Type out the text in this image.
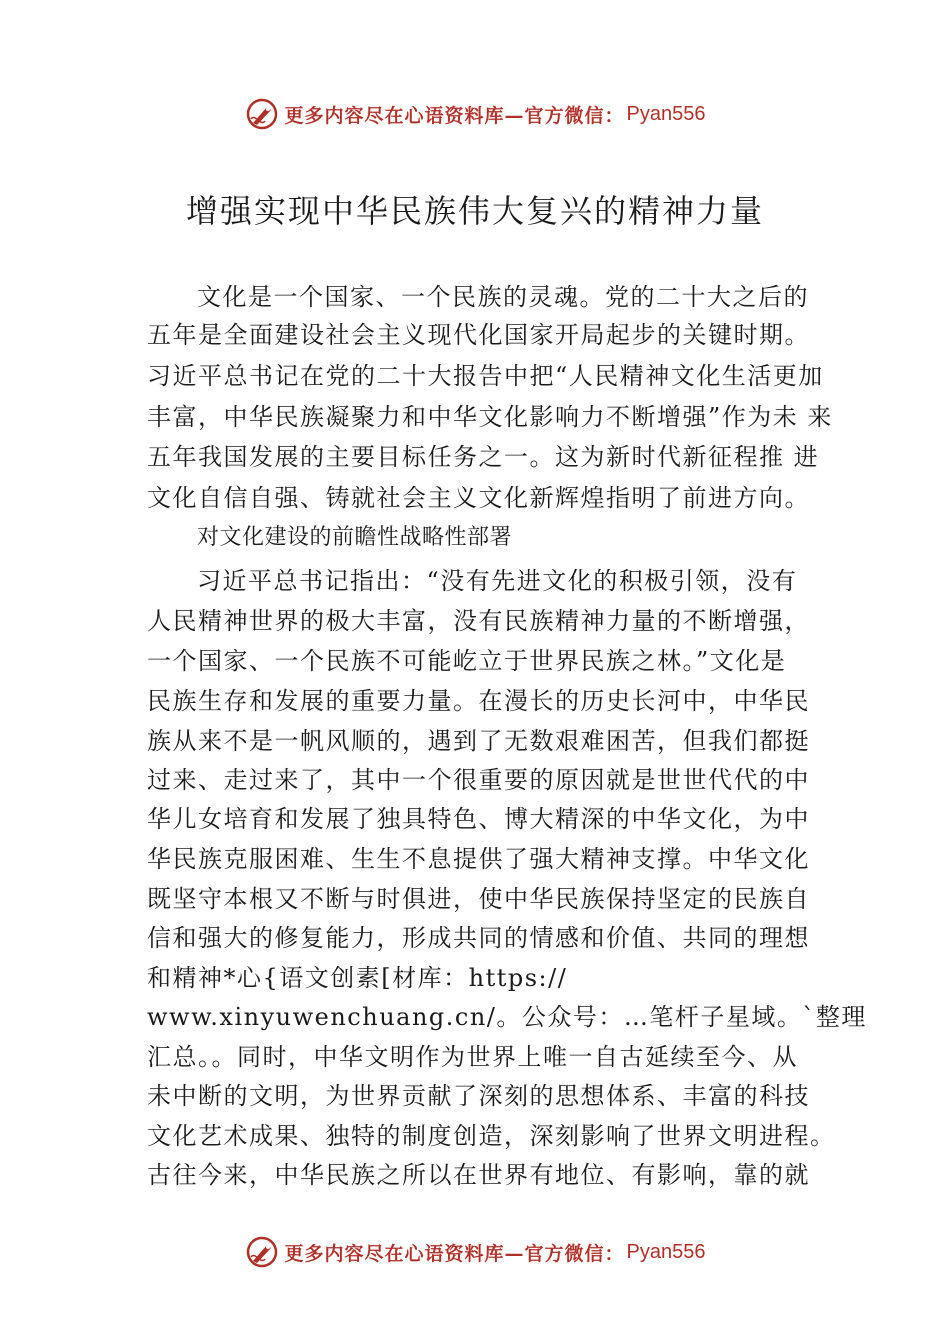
更多内容尽在心语资料库—官方微信： Pyan556
增强实现中华民族伟大复兴的精神力量
文化是一个国家、一个民族的灵魂。党的二十大之后的
五年是全面建设社会主义现代化国家开局起步的关键时期。
习近平总书记在党的二十大报告中把“人民精神文化生活更加
丰富，中华民族凝聚力和中华文化影响力不断增强”作为未 来
五年我国发展的主要目标任务之一。这为新时代新征程推 进
文化自信自强、铸就社会主义文化新辉煌指明了前进方向。
对文化建设的前瞻性战略性部署
习近平总书记指出：“没有先进文化的积极引领，没有
人民精神世界的极大丰富，没有民族精神力量的不断增强，
一个国家、一个民族不可能屹立于世界民族之林。”文化是
民族生存和发展的重要力量。在漫长的历史长河中，中华民
族从来不是一帆风顺的，遇到了无数艰难困苦，但我们都挺
过来、走过来了，其中一个很重要的原因就是世世代代的中
华儿女培育和发展了独具特色、博大精深的中华文化，为中
华民族克服困难、生生不息提供了强大精神支撑。中华文化
既坚守本根又不断与时俱进，使中华民族保持坚定的民族自
信和强大的修复能力，形成共同的情感和价值、共同的理想
和精神*心{语文创素[材库：https://
www.xinyuwenchuang.cn/。公众号：…笔杆子星域。`整理
汇总。。同时，中华文明作为世界上唯一自古延续至今、从
未中断的文明，为世界贡献了深刻的思想体系、丰富的科技
文化艺术成果、独特的制度创造，深刻影响了世界文明进程。
古往今来，中华民族之所以在世界有地位、有影响，靠的就
更多内容尽在心语资料库—官方微信： Pyan556
